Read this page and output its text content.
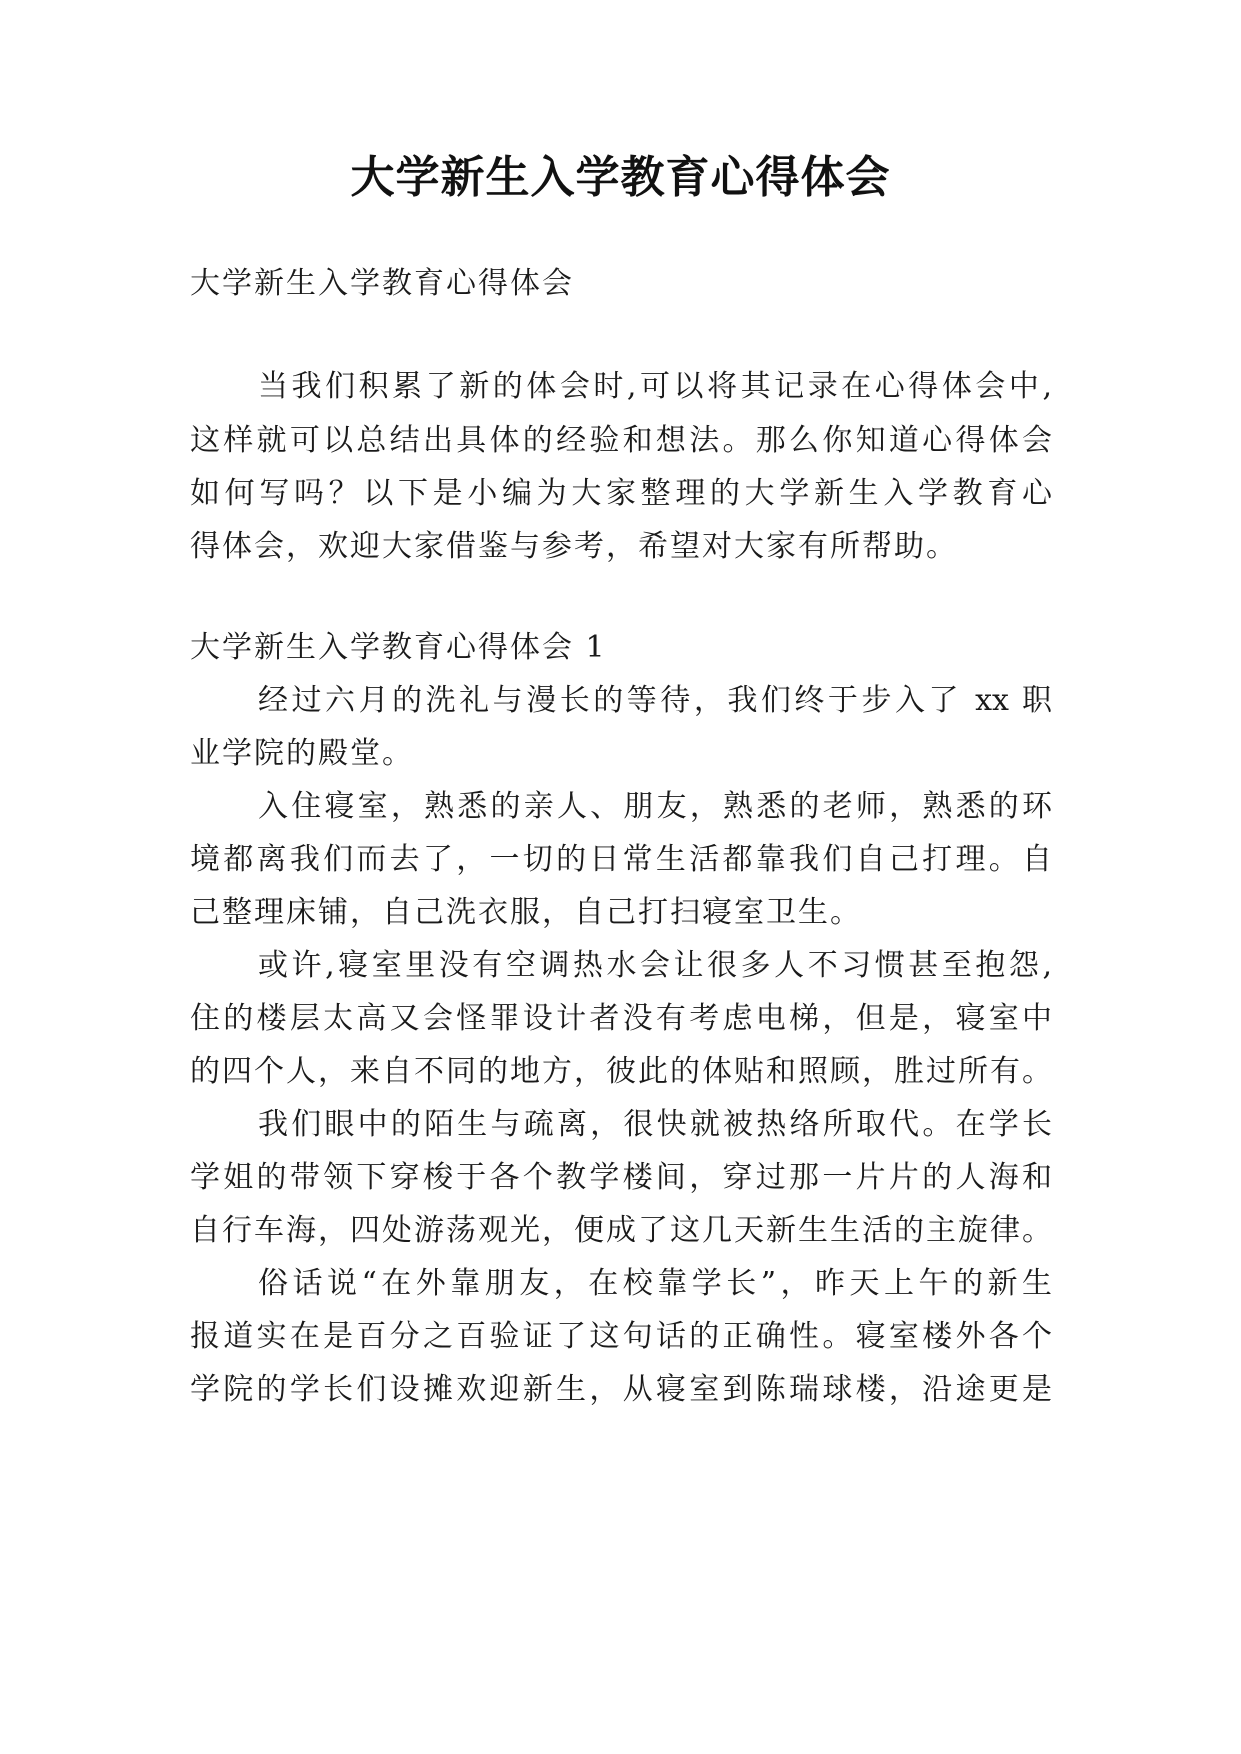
大学新生入学教育心得体会
大学新生入学教育心得体会
当我们积累了新的体会时,可以将其记录在心得体会中,
这样就可以总结出具体的经验和想法。那么你知道心得体会
如何写吗？以下是小编为大家整理的大学新生入学教育心
得体会，欢迎大家借鉴与参考，希望对大家有所帮助。
大学新生入学教育心得体会 1
经过六月的洗礼与漫长的等待，我们终于步入了 xx 职
业学院的殿堂。
入住寝室，熟悉的亲人、朋友，熟悉的老师，熟悉的环
境都离我们而去了，一切的日常生活都靠我们自己打理。自
己整理床铺，自己洗衣服，自己打扫寝室卫生。
或许,寝室里没有空调热水会让很多人不习惯甚至抱怨,
住的楼层太高又会怪罪设计者没有考虑电梯，但是，寝室中
的四个人，来自不同的地方，彼此的体贴和照顾，胜过所有。
我们眼中的陌生与疏离，很快就被热络所取代。在学长
学姐的带领下穿梭于各个教学楼间，穿过那一片片的人海和
自行车海，四处游荡观光，便成了这几天新生生活的主旋律。
俗话说“在外靠朋友，在校靠学长”，昨天上午的新生
报道实在是百分之百验证了这句话的正确性。寝室楼外各个
学院的学长们设摊欢迎新生，从寝室到陈瑞球楼，沿途更是
